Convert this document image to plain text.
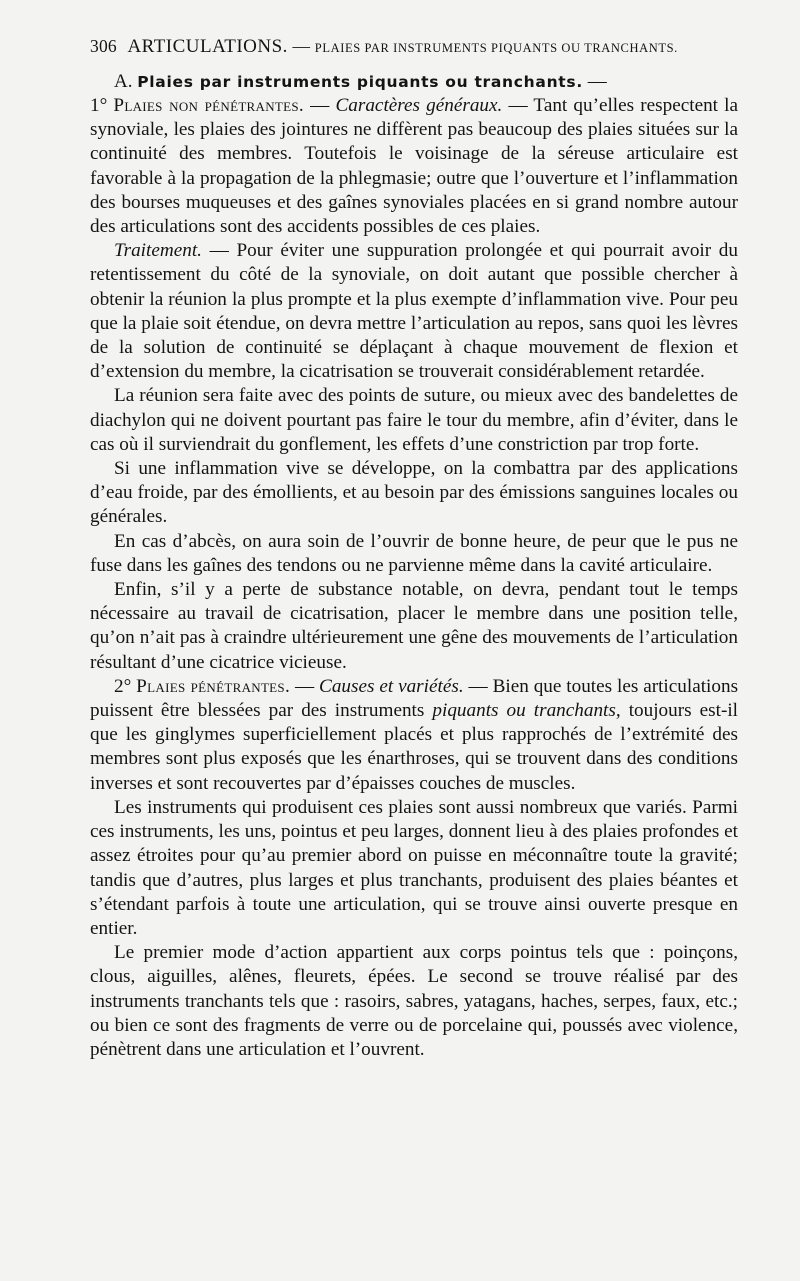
306 ARTICULATIONS. — PLAIES PAR INSTRUMENTS PIQUANTS OU TRANCHANTS.
A. Plaies par instruments piquants ou tranchants. —

1° Plaies non pénétrantes. — Caractères généraux. — Tant qu’elles respectent la synoviale, les plaies des jointures ne diffèrent pas beaucoup des plaies situées sur la continuité des membres. Toutefois le voisinage de la séreuse articulaire est favorable à la propagation de la phlegmasie; outre que l’ouverture et l’inflammation des bourses muqueuses et des gaînes synoviales placées en si grand nombre autour des articulations sont des accidents possibles de ces plaies.

Traitement. — Pour éviter une suppuration prolongée et qui pourrait avoir du retentissement du côté de la synoviale, on doit autant que possible chercher à obtenir la réunion la plus prompte et la plus exempte d’inflammation vive. Pour peu que la plaie soit étendue, on devra mettre l’articulation au repos, sans quoi les lèvres de la solution de continuité se déplaçant à chaque mouvement de flexion et d’extension du membre, la cicatrisation se trouverait considérablement retardée.

La réunion sera faite avec des points de suture, ou mieux avec des bandelettes de diachylon qui ne doivent pourtant pas faire le tour du membre, afin d’éviter, dans le cas où il surviendrait du gonflement, les effets d’une constriction par trop forte.

Si une inflammation vive se développe, on la combattra par des applications d’eau froide, par des émollients, et au besoin par des émissions sanguines locales ou générales.

En cas d’abcès, on aura soin de l’ouvrir de bonne heure, de peur que le pus ne fuse dans les gaînes des tendons ou ne parvienne même dans la cavité articulaire.

Enfin, s’il y a perte de substance notable, on devra, pendant tout le temps nécessaire au travail de cicatrisation, placer le membre dans une position telle, qu’on n’ait pas à craindre ultérieurement une gêne des mouvements de l’articulation résultant d’une cicatrice vicieuse.

2° Plaies pénétrantes. — Causes et variétés. — Bien que toutes les articulations puissent être blessées par des instruments piquants ou tranchants, toujours est-il que les ginglymes superficiellement placés et plus rapprochés de l’extrémité des membres sont plus exposés que les énarthroses, qui se trouvent dans des conditions inverses et sont recouvertes par d’épaisses couches de muscles.

Les instruments qui produisent ces plaies sont aussi nombreux que variés. Parmi ces instruments, les uns, pointus et peu larges, donnent lieu à des plaies profondes et assez étroites pour qu’au premier abord on puisse en méconnaître toute la gravité; tandis que d’autres, plus larges et plus tranchants, produisent des plaies béantes et s’étendant parfois à toute une articulation, qui se trouve ainsi ouverte presque en entier.

Le premier mode d’action appartient aux corps pointus tels que : poinçons, clous, aiguilles, alênes, fleurets, épées. Le second se trouve réalisé par des instruments tranchants tels que : rasoirs, sabres, yatagans, haches, serpes, faux, etc.; ou bien ce sont des fragments de verre ou de porcelaine qui, poussés avec violence, pénètrent dans une articulation et l’ouvrent.
